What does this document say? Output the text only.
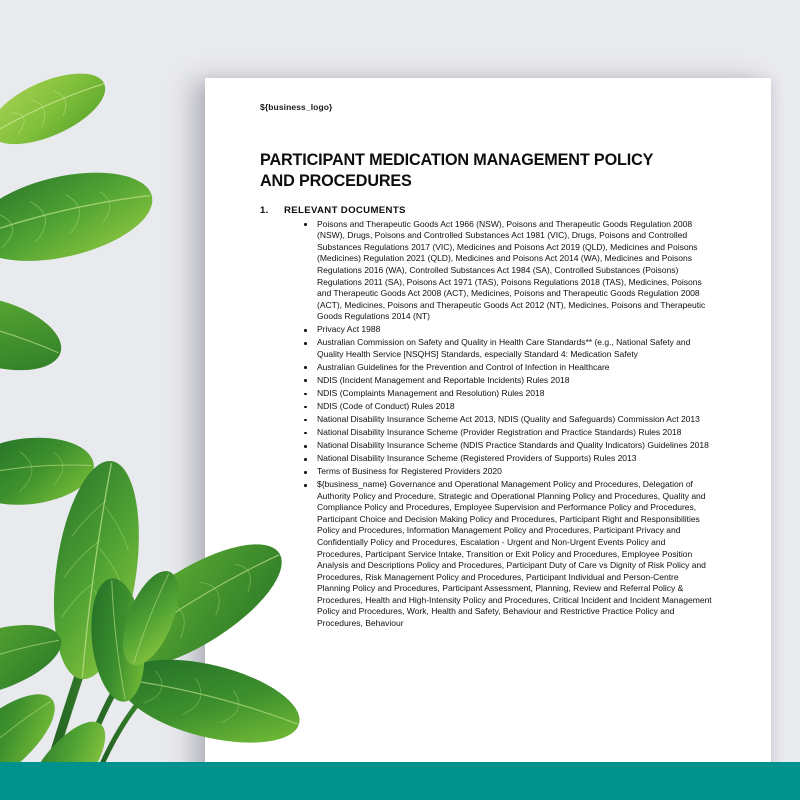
${business_logo}
PARTICIPANT MEDICATION MANAGEMENT POLICY AND PROCEDURES
1.	RELEVANT DOCUMENTS
Poisons and Therapeutic Goods Act 1966 (NSW), Poisons and Therapeutic Goods Regulation 2008 (NSW), Drugs, Poisons and Controlled Substances Act 1981 (VIC), Drugs, Poisons and Controlled Substances Regulations 2017 (VIC), Medicines and Poisons Act 2019 (QLD), Medicines and Poisons (Medicines) Regulation 2021 (QLD), Medicines and Poisons Act 2014 (WA), Medicines and Poisons Regulations 2016 (WA), Controlled Substances Act 1984 (SA), Controlled Substances (Poisons) Regulations 2011 (SA), Poisons Act 1971 (TAS), Poisons Regulations 2018 (TAS), Medicines, Poisons and Therapeutic Goods Act 2008 (ACT), Medicines, Poisons and Therapeutic Goods Regulation 2008 (ACT), Medicines, Poisons and Therapeutic Goods Act 2012 (NT), Medicines, Poisons and Therapeutic Goods Regulations 2014 (NT)
Privacy Act 1988
Australian Commission on Safety and Quality in Health Care Standards** (e.g., National Safety and Quality Health Service [NSQHS] Standards, especially Standard 4: Medication Safety
Australian Guidelines for the Prevention and Control of Infection in Healthcare
NDIS (Incident Management and Reportable Incidents) Rules 2018
NDIS (Complaints Management and Resolution) Rules 2018
NDIS (Code of Conduct) Rules 2018
National Disability Insurance Scheme Act 2013, NDIS (Quality and Safeguards) Commission Act 2013
National Disability Insurance Scheme (Provider Registration and Practice Standards) Rules 2018
National Disability Insurance Scheme (NDIS Practice Standards and Quality Indicators) Guidelines 2018
National Disability Insurance Scheme (Registered Providers of Supports) Rules 2013
Terms of Business for Registered Providers 2020
${business_name} Governance and Operational Management Policy and Procedures, Delegation of Authority Policy and Procedure, Strategic and Operational Planning Policy and Procedures, Quality and Compliance Policy and Procedures, Employee Supervision and Performance Policy and Procedures, Participant Choice and Decision Making Policy and Procedures, Participant Right and Responsibilities Policy and Procedures, Information Management Policy and Procedures, Participant Privacy and Confidentially Policy and Procedures, Escalation - Urgent and Non-Urgent Events Policy and Procedures, Participant Service Intake, Transition or Exit Policy and Procedures, Employee Position Analysis and Descriptions Policy and Procedures, Participant Duty of Care vs Dignity of Risk Policy and Procedures, Risk Management Policy and Procedures, Participant Individual and Person-Centre Planning Policy and Procedures, Participant Assessment, Planning, Review and Referral Policy & Procedures, Health and High-Intensity Policy and Procedures, Critical Incident and Incident Management Policy and Procedures, Work, Health and Safety, Behaviour and Restrictive Practice Policy and Procedures, Behaviour
